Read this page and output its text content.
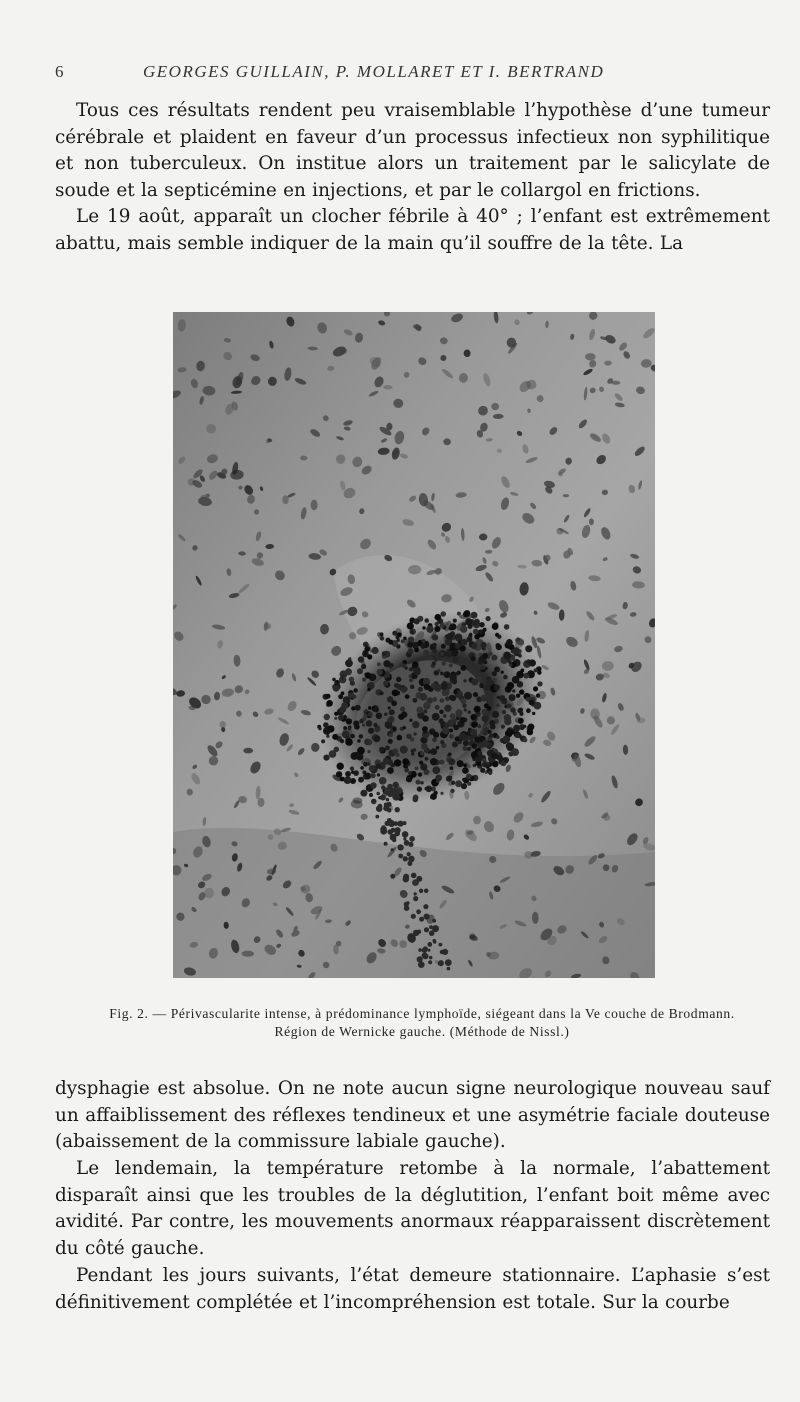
6	GEORGES GUILLAIN, P. MOLLARET ET I. BERTRAND

Tous ces résultats rendent peu vraisemblable l’hypothèse d’une tumeur cérébrale et plaident en faveur d’un processus infectieux non syphilitique et non tuberculeux. On institue alors un traitement par le salicylate de soude et la septicémine en injections, et par le collargol en frictions.

Le 19 août, apparaît un clocher fébrile à 40° ; l’enfant est extrêmement abattu, mais semble indiquer de la main qu’il souffre de la tête. La

Fig. 2. — Périvascularite intense, à prédominance lymphoïde, siégeant dans la Ve couche de Brodmann.
Région de Wernicke gauche. (Méthode de Nissl.)

dysphagie est absolue. On ne note aucun signe neurologique nouveau sauf un affaiblissement des réflexes tendineux et une asymétrie faciale douteuse (abaissement de la commissure labiale gauche).

Le lendemain, la température retombe à la normale, l’abattement disparaît ainsi que les troubles de la déglutition, l’enfant boit même avec avidité. Par contre, les mouvements anormaux réapparaissent discrètement du côté gauche.

Pendant les jours suivants, l’état demeure stationnaire. L’aphasie s’est définitivement complétée et l’incompréhension est totale. Sur la courbe
